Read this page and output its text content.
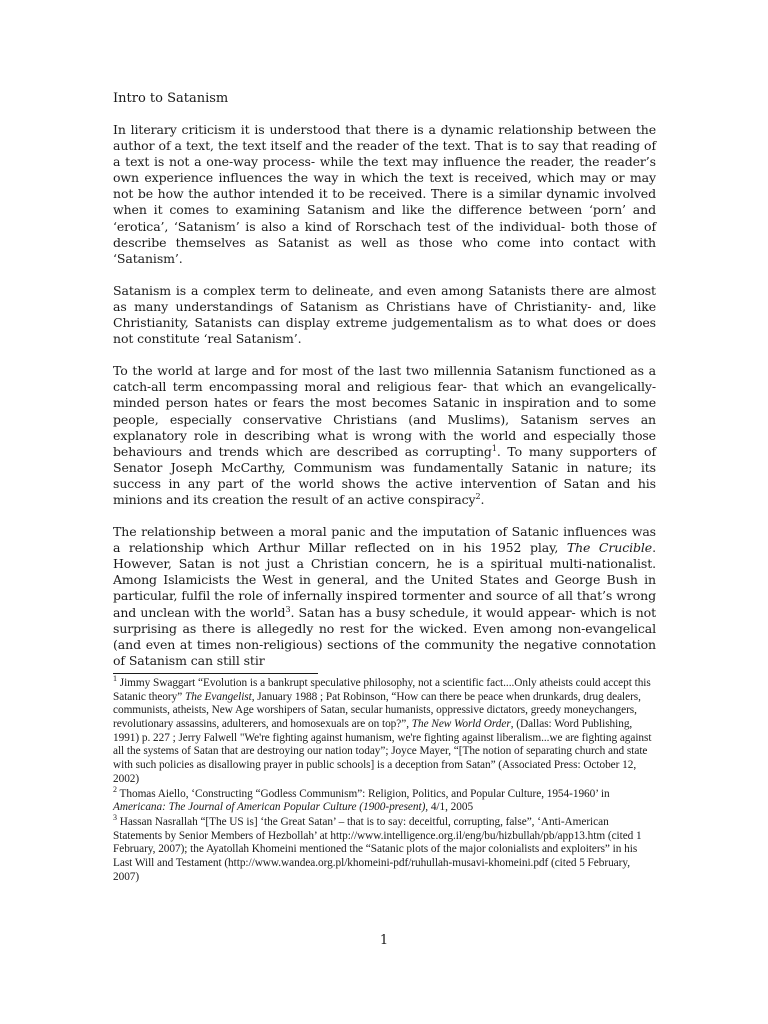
Intro to Satanism

In literary criticism it is understood that there is a dynamic relationship between the author of a text, the text itself and the reader of the text. That is to say that reading of a text is not a one-way process- while the text may influence the reader, the reader’s own experience influences the way in which the text is received, which may or may not be how the author intended it to be received. There is a similar dynamic involved when it comes to examining Satanism and like the difference between ‘porn’ and ‘erotica’, ‘Satanism’ is also a kind of Rorschach test of the individual- both those of describe themselves as Satanist as well as those who come into contact with ‘Satanism’.

Satanism is a complex term to delineate, and even among Satanists there are almost as many understandings of Satanism as Christians have of Christianity- and, like Christianity, Satanists can display extreme judgementalism as to what does or does not constitute ‘real Satanism’.

To the world at large and for most of the last two millennia Satanism functioned as a catch-all term encompassing moral and religious fear- that which an evangelically-minded person hates or fears the most becomes Satanic in inspiration and to some people, especially conservative Christians (and Muslims), Satanism serves an explanatory role in describing what is wrong with the world and especially those behaviours and trends which are described as corrupting$^1$. To many supporters of Senator Joseph McCarthy, Communism was fundamentally Satanic in nature; its success in any part of the world shows the active intervention of Satan and his minions and its creation the result of an active conspiracy$^2$.

The relationship between a moral panic and the imputation of Satanic influences was a relationship which Arthur Millar reflected on in his 1952 play, The Crucible. However, Satan is not just a Christian concern, he is a spiritual multi-nationalist. Among Islamicists the West in general, and the United States and George Bush in particular, fulfil the role of infernally inspired tormenter and source of all that’s wrong and unclean with the world$^3$. Satan has a busy schedule, it would appear- which is not surprising as there is allegedly no rest for the wicked. Even among non-evangelical (and even at times non-religious) sections of the community the negative connotation of Satanism can still stir

$^1$ Jimmy Swaggart “Evolution is a bankrupt speculative philosophy, not a scientific fact....Only atheists could accept this Satanic theory” The Evangelist, January 1988 ; Pat Robinson, “How can there be peace when drunkards, drug dealers, communists, atheists, New Age worshipers of Satan, secular humanists, oppressive dictators, greedy moneychangers, revolutionary assassins, adulterers, and homosexuals are on top?”, The New World Order, (Dallas: Word Publishing, 1991) p. 227 ; Jerry Falwell "We're fighting against humanism, we're fighting against liberalism...we are fighting against all the systems of Satan that are destroying our nation today”; Joyce Mayer, “[The notion of separating church and state with such policies as disallowing prayer in public schools] is a deception from Satan” (Associated Press: October 12, 2002)

$^2$ Thomas Aiello, ‘Constructing “Godless Communism”: Religion, Politics, and Popular Culture, 1954-1960’ in Americana: The Journal of American Popular Culture (1900-present), 4/1, 2005

$^3$ Hassan Nasrallah “[The US is] ‘the Great Satan’ – that is to say: deceitful, corrupting, false”, ‘Anti-American Statements by Senior Members of Hezbollah’ at http://www.intelligence.org.il/eng/bu/hizbullah/pb/app13.htm (cited 1 February, 2007); the Ayatollah Khomeini mentioned the “Satanic plots of the major colonialists and exploiters” in his Last Will and Testament (http://www.wandea.org.pl/khomeini-pdf/ruhullah-musavi-khomeini.pdf (cited 5 February, 2007)

1
